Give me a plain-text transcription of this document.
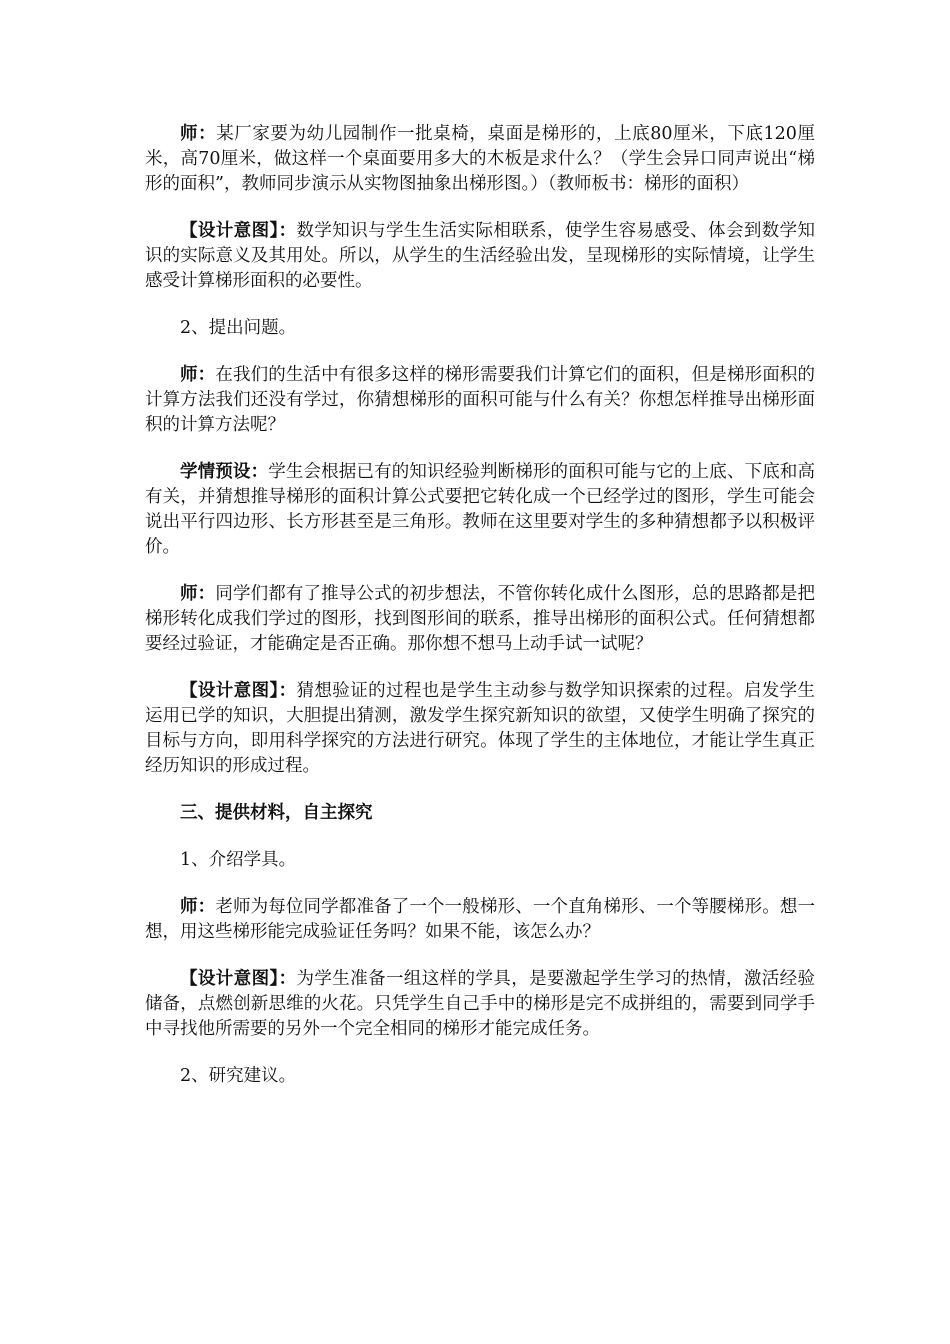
师：某厂家要为幼儿园制作一批桌椅，桌面是梯形的，上底80厘米，下底120厘米，高70厘米，做这样一个桌面要用多大的木板是求什么？（学生会异口同声说出“梯形的面积”，教师同步演示从实物图抽象出梯形图。）（教师板书：梯形的面积）

【设计意图】：数学知识与学生生活实际相联系，使学生容易感受、体会到数学知识的实际意义及其用处。所以，从学生的生活经验出发，呈现梯形的实际情境，让学生感受计算梯形面积的必要性。

2、提出问题。

师：在我们的生活中有很多这样的梯形需要我们计算它们的面积，但是梯形面积的计算方法我们还没有学过，你猜想梯形的面积可能与什么有关？你想怎样推导出梯形面积的计算方法呢？

学情预设：学生会根据已有的知识经验判断梯形的面积可能与它的上底、下底和高有关，并猜想推导梯形的面积计算公式要把它转化成一个已经学过的图形，学生可能会说出平行四边形、长方形甚至是三角形。教师在这里要对学生的多种猜想都予以积极评价。

师：同学们都有了推导公式的初步想法，不管你转化成什么图形，总的思路都是把梯形转化成我们学过的图形，找到图形间的联系，推导出梯形的面积公式。任何猜想都要经过验证，才能确定是否正确。那你想不想马上动手试一试呢？

【设计意图】：猜想验证的过程也是学生主动参与数学知识探索的过程。启发学生运用已学的知识，大胆提出猜测，激发学生探究新知识的欲望，又使学生明确了探究的目标与方向，即用科学探究的方法进行研究。体现了学生的主体地位，才能让学生真正经历知识的形成过程。

三、提供材料，自主探究

1、介绍学具。

师：老师为每位同学都准备了一个一般梯形、一个直角梯形、一个等腰梯形。想一想，用这些梯形能完成验证任务吗？如果不能，该怎么办？

【设计意图】：为学生准备一组这样的学具，是要激起学生学习的热情，激活经验储备，点燃创新思维的火花。只凭学生自己手中的梯形是完不成拼组的，需要到同学手中寻找他所需要的另外一个完全相同的梯形才能完成任务。

2、研究建议。
